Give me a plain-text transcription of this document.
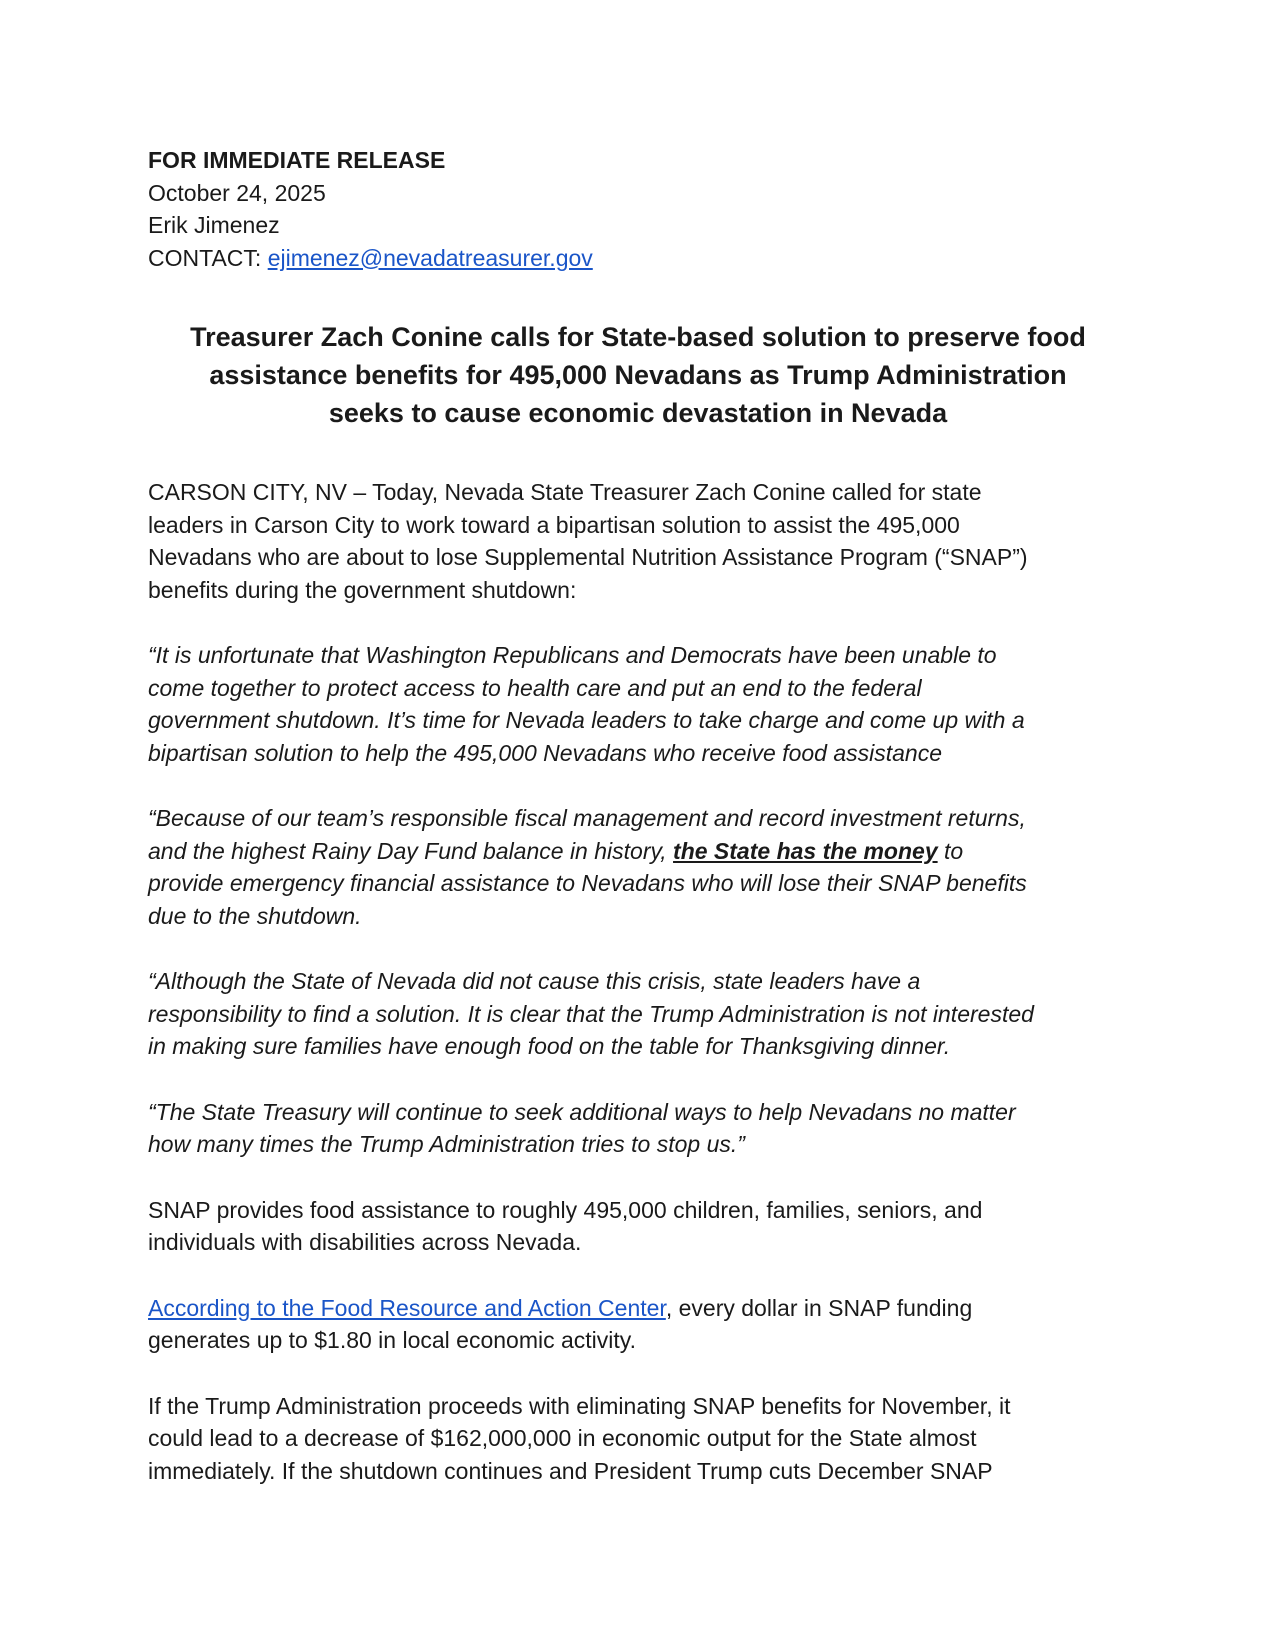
FOR IMMEDIATE RELEASE
October 24, 2025
Erik Jimenez
CONTACT: ejimenez@nevadatreasurer.gov
Treasurer Zach Conine calls for State-based solution to preserve food
assistance benefits for 495,000 Nevadans as Trump Administration
seeks to cause economic devastation in Nevada
CARSON CITY, NV – Today, Nevada State Treasurer Zach Conine called for state
leaders in Carson City to work toward a bipartisan solution to assist the 495,000
Nevadans who are about to lose Supplemental Nutrition Assistance Program (“SNAP”)
benefits during the government shutdown:
“It is unfortunate that Washington Republicans and Democrats have been unable to
come together to protect access to health care and put an end to the federal
government shutdown. It’s time for Nevada leaders to take charge and come up with a
bipartisan solution to help the 495,000 Nevadans who receive food assistance
“Because of our team’s responsible fiscal management and record investment returns,
and the highest Rainy Day Fund balance in history, the State has the money to
provide emergency financial assistance to Nevadans who will lose their SNAP benefits
due to the shutdown.
“Although the State of Nevada did not cause this crisis, state leaders have a
responsibility to find a solution. It is clear that the Trump Administration is not interested
in making sure families have enough food on the table for Thanksgiving dinner.
“The State Treasury will continue to seek additional ways to help Nevadans no matter
how many times the Trump Administration tries to stop us.”
SNAP provides food assistance to roughly 495,000 children, families, seniors, and
individuals with disabilities across Nevada.
According to the Food Resource and Action Center, every dollar in SNAP funding
generates up to $1.80 in local economic activity.
If the Trump Administration proceeds with eliminating SNAP benefits for November, it
could lead to a decrease of $162,000,000 in economic output for the State almost
immediately. If the shutdown continues and President Trump cuts December SNAP
